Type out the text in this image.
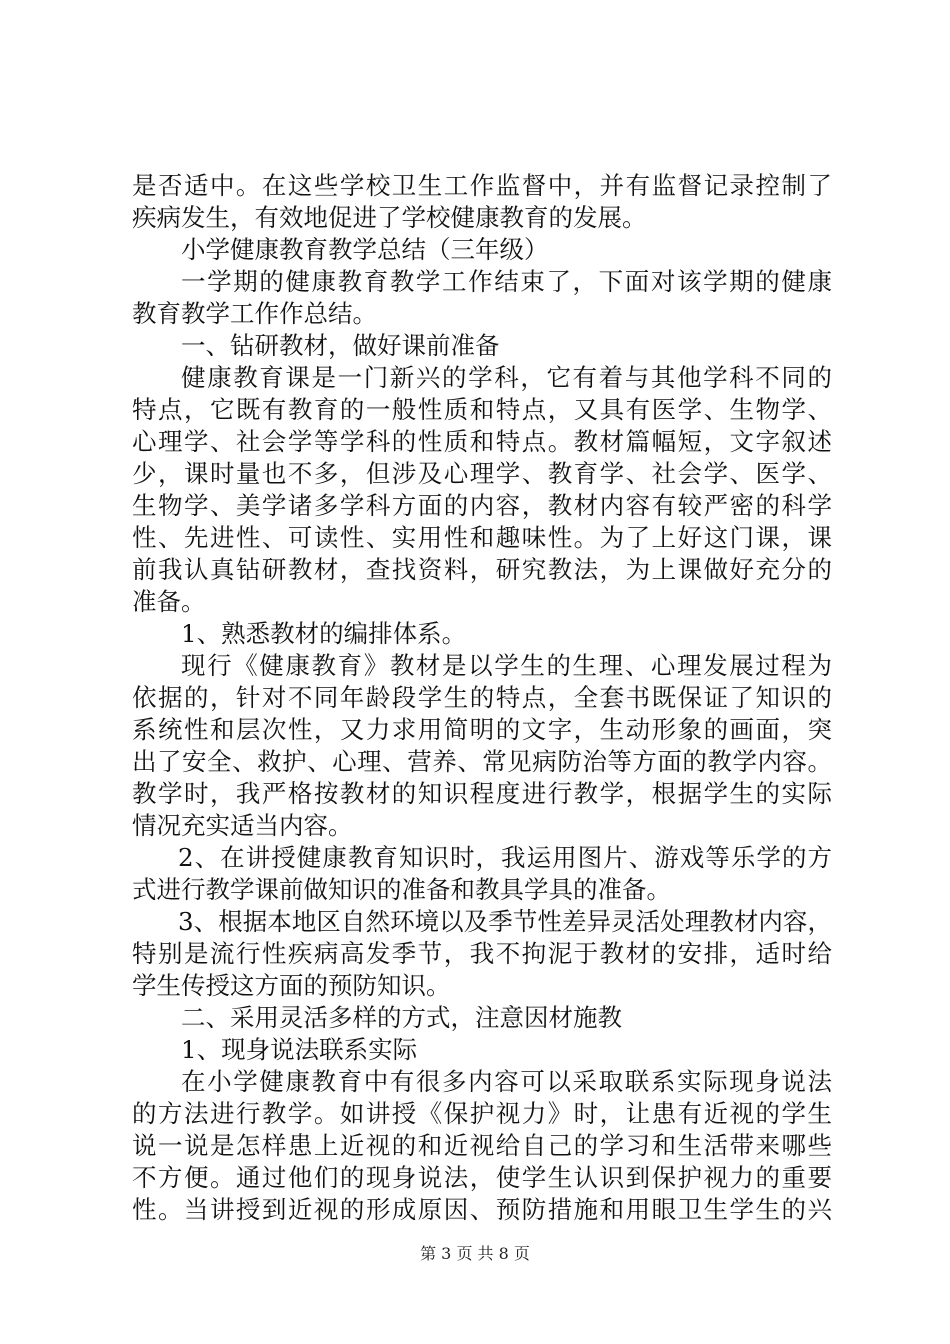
是否适中。在这些学校卫生工作监督中，并有监督记录控制了
疾病发生，有效地促进了学校健康教育的发展。
小学健康教育教学总结（三年级）
一学期的健康教育教学工作结束了，下面对该学期的健康
教育教学工作作总结。
一、钻研教材，做好课前准备
健康教育课是一门新兴的学科，它有着与其他学科不同的
特点，它既有教育的一般性质和特点，又具有医学、生物学、
心理学、社会学等学科的性质和特点。教材篇幅短，文字叙述
少，课时量也不多，但涉及心理学、教育学、社会学、医学、
生物学、美学诸多学科方面的内容，教材内容有较严密的科学
性、先进性、可读性、实用性和趣味性。为了上好这门课，课
前我认真钻研教材，查找资料，研究教法，为上课做好充分的
准备。
1、熟悉教材的编排体系。
现行《健康教育》教材是以学生的生理、心理发展过程为
依据的，针对不同年龄段学生的特点，全套书既保证了知识的
系统性和层次性，又力求用简明的文字，生动形象的画面，突
出了安全、救护、心理、营养、常见病防治等方面的教学内容。
教学时，我严格按教材的知识程度进行教学，根据学生的实际
情况充实适当内容。
2、在讲授健康教育知识时，我运用图片、游戏等乐学的方
式进行教学课前做知识的准备和教具学具的准备。
3、根据本地区自然环境以及季节性差异灵活处理教材内容，
特别是流行性疾病高发季节，我不拘泥于教材的安排，适时给
学生传授这方面的预防知识。
二、采用灵活多样的方式，注意因材施教
1、现身说法联系实际
在小学健康教育中有很多内容可以采取联系实际现身说法
的方法进行教学。如讲授《保护视力》时，让患有近视的学生
说一说是怎样患上近视的和近视给自己的学习和生活带来哪些
不方便。通过他们的现身说法，使学生认识到保护视力的重要
性。当讲授到近视的形成原因、预防措施和用眼卫生学生的兴
第 3 页 共 8 页
